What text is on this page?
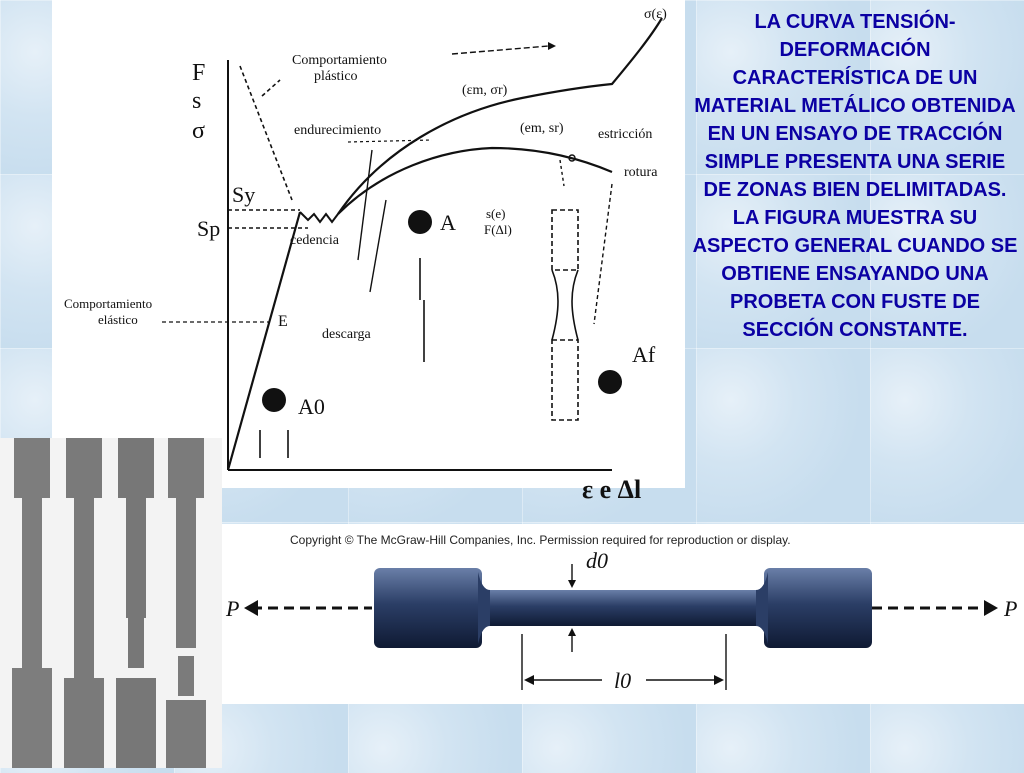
LA CURVA TENSIÓN-DEFORMACIÓN CARACTERÍSTICA DE UN MATERIAL METÁLICO OBTENIDA EN UN ENSAYO DE TRACCIÓN SIMPLE PRESENTA UNA SERIE DE ZONAS BIEN DELIMITADAS. LA FIGURA MUESTRA SU ASPECTO GENERAL CUANDO SE OBTIENE ENSAYANDO UNA PROBETA CON FUSTE DE SECCIÓN CONSTANTE.

F
s
σ
ε e Δl
Sy
Sp
Comportamiento
plástico
σ(ε)
endurecimiento
(εm, σr)
(em, sr) estricción
rotura
cedencia
descarga
Comportamiento
elástico	E
s(e)
F(Δl)
A
A0
Af
Copyright © The McGraw-Hill Companies, Inc. Permission required for reproduction or display.
P	P
d0
l0
